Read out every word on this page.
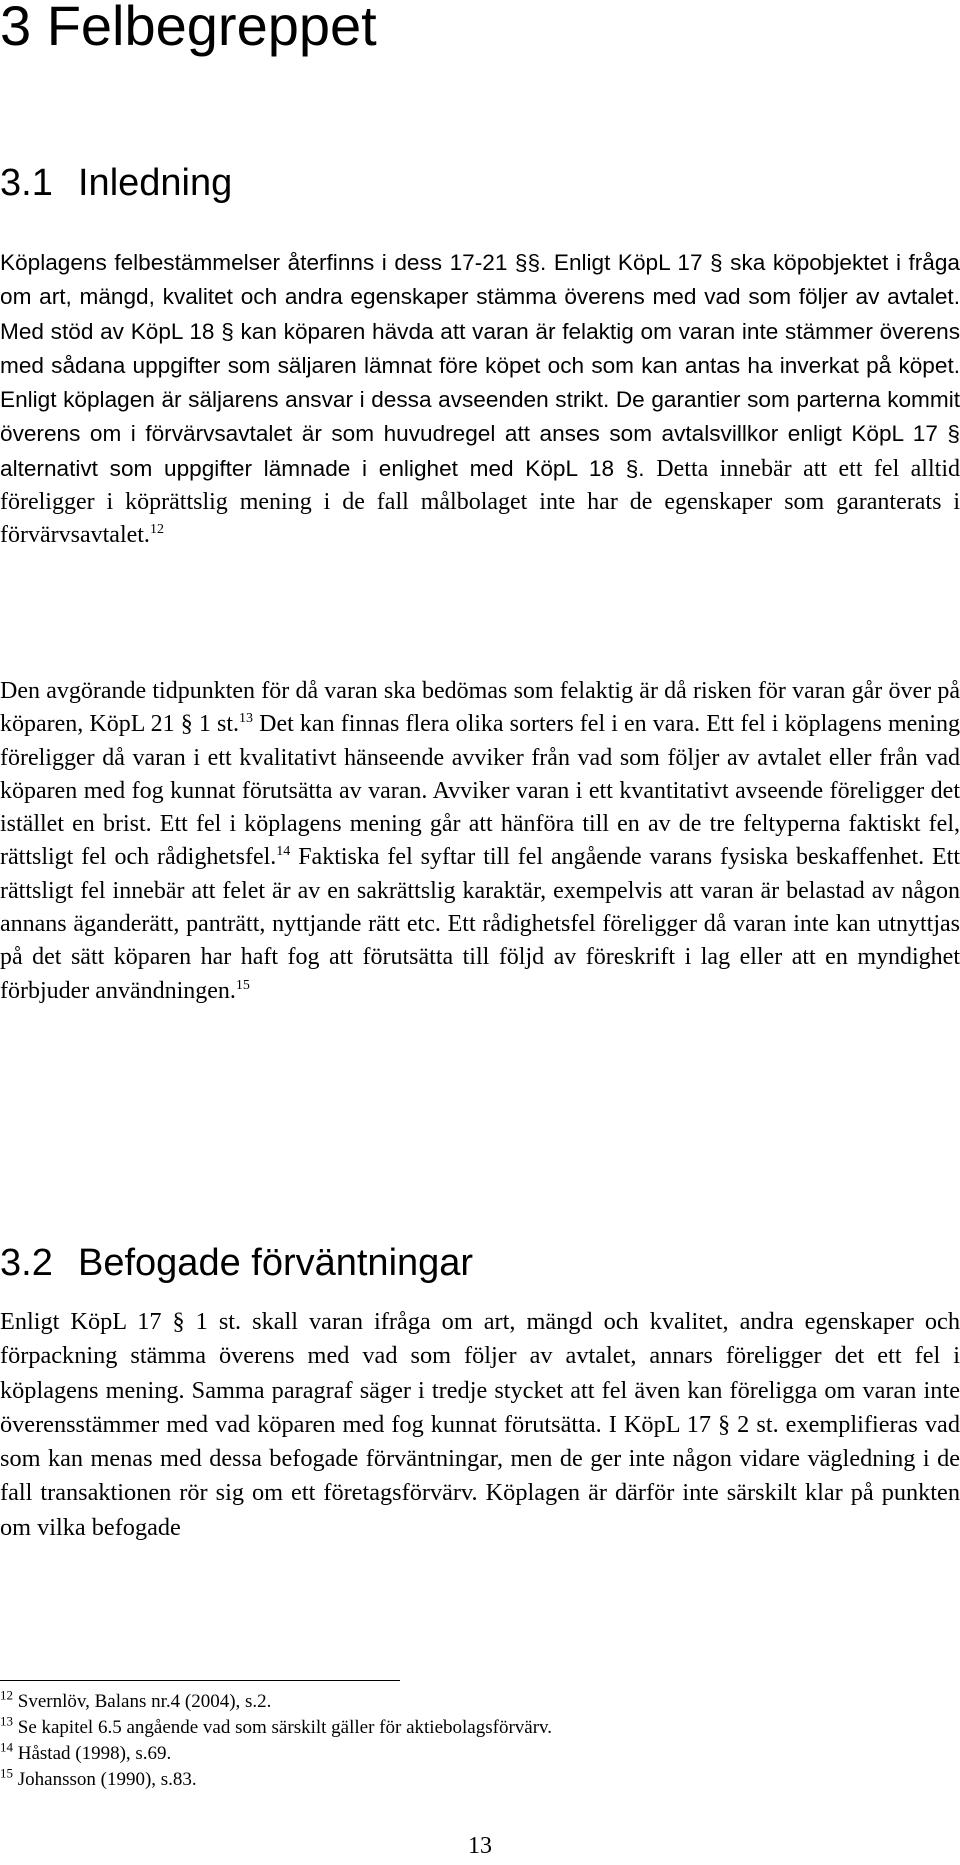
3 Felbegreppet
3.1 Inledning

Köplagens felbestämmelser återfinns i dess 17-21 §§. Enligt KöpL 17 § ska köpobjektet i fråga om art, mängd, kvalitet och andra egenskaper stämma överens med vad som följer av avtalet. Med stöd av KöpL 18 § kan köparen hävda att varan är felaktig om varan inte stämmer överens med sådana uppgifter som säljaren lämnat före köpet och som kan antas ha inverkat på köpet. Enligt köplagen är säljarens ansvar i dessa avseenden strikt. De garantier som parterna kommit överens om i förvärvsavtalet är som huvudregel att anses som avtalsvillkor enligt KöpL 17 § alternativt som uppgifter lämnade i enlighet med KöpL 18 §. Detta innebär att ett fel alltid föreligger i köprättslig mening i de fall målbolaget inte har de egenskaper som garanterats i förvärvsavtalet.$^{12}$

Den avgörande tidpunkten för då varan ska bedömas som felaktig är då risken för varan går över på köparen, KöpL 21 § 1 st.$^{13}$ Det kan finnas flera olika sorters fel i en vara. Ett fel i köplagens mening föreligger då varan i ett kvalitativt hänseende avviker från vad som följer av avtalet eller från vad köparen med fog kunnat förutsätta av varan. Avviker varan i ett kvantitativt avseende föreligger det istället en brist. Ett fel i köplagens mening går att hänföra till en av de tre feltyperna faktiskt fel, rättsligt fel och rådighetsfel.$^{14}$ Faktiska fel syftar till fel angående varans fysiska beskaffenhet. Ett rättsligt fel innebär att felet är av en sakrättslig karaktär, exempelvis att varan är belastad av någon annans äganderätt, panträtt, nyttjande rätt etc. Ett rådighetsfel föreligger då varan inte kan utnyttjas på det sätt köparen har haft fog att förutsätta till följd av föreskrift i lag eller att en myndighet förbjuder användningen.$^{15}$

3.2 Befogade förväntningar

Enligt KöpL 17 § 1 st. skall varan ifråga om art, mängd och kvalitet, andra egenskaper och förpackning stämma överens med vad som följer av avtalet, annars föreligger det ett fel i köplagens mening. Samma paragraf säger i tredje stycket att fel även kan föreligga om varan inte överensstämmer med vad köparen med fog kunnat förutsätta. I KöpL 17 § 2 st. exemplifieras vad som kan menas med dessa befogade förväntningar, men de ger inte någon vidare vägledning i de fall transaktionen rör sig om ett företagsförvärv. Köplagen är därför inte särskilt klar på punkten om vilka befogade

$^{12}$ Svernlöv, Balans nr.4 (2004), s.2.
$^{13}$ Se kapitel 6.5 angående vad som särskilt gäller för aktiebolagsförvärv.
$^{14}$ Håstad (1998), s.69.
$^{15}$ Johansson (1990), s.83.
13
